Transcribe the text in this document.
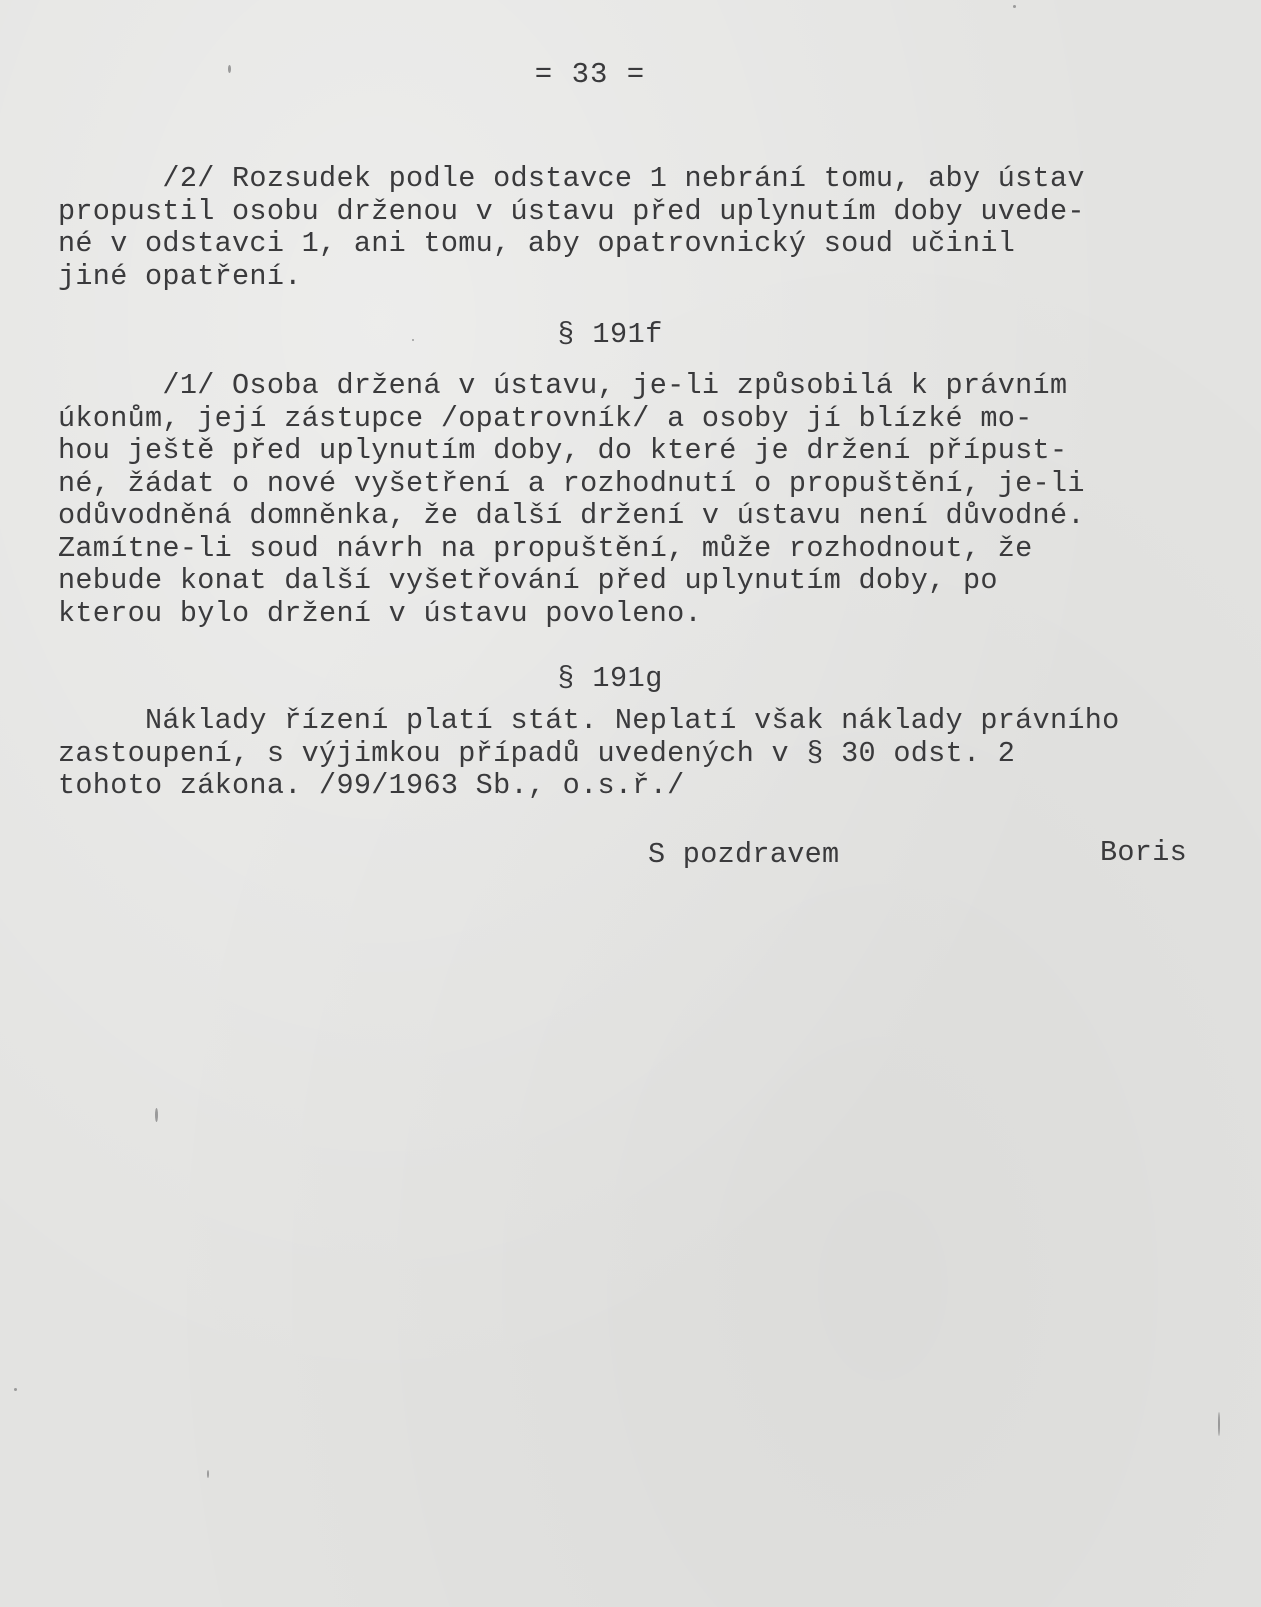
= 33 =
/2/ Rozsudek podle odstavce 1 nebrání tomu, aby ústav
propustil osobu drženou v ústavu před uplynutím doby uvede-
né v odstavci 1, ani tomu, aby opatrovnický soud učinil
jiné opatření.
§ 191f
/1/ Osoba držená v ústavu, je-li způsobilá k právním
úkonům, její zástupce /opatrovník/ a osoby jí blízké mo-
hou ještě před uplynutím doby, do které je držení přípust-
né, žádat o nové vyšetření a rozhodnutí o propuštění, je-li
odůvodněná domněnka, že další držení v ústavu není důvodné.
Zamítne-li soud návrh na propuštění, může rozhodnout, že
nebude konat další vyšetřování před uplynutím doby, po
kterou bylo držení v ústavu povoleno.
§ 191g
Náklady řízení platí stát. Neplatí však náklady právního
zastoupení, s výjimkou případů uvedených v § 30 odst. 2
tohoto zákona. /99/1963 Sb., o.s.ř./
S pozdravem	Boris
